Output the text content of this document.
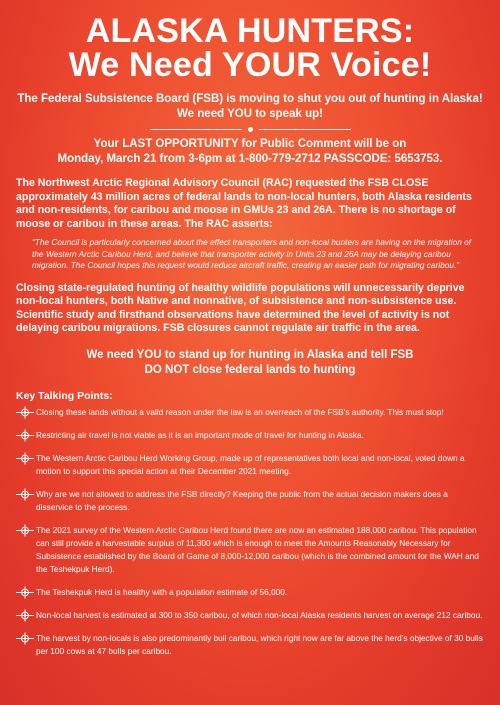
ALASKA HUNTERS:
We Need YOUR Voice!
The Federal Subsistence Board (FSB) is moving to shut you out of hunting in Alaska!
We need YOU to speak up!
Your LAST OPPORTUNITY for Public Comment will be on
Monday, March 21 from 3-6pm at 1-800-779-2712 PASSCODE: 5653753.
The Northwest Arctic Regional Advisory Council (RAC) requested the FSB CLOSE approximately 43 million acres of federal lands to non-local hunters, both Alaska residents and non-residents, for caribou and moose in GMUs 23 and 26A. There is no shortage of moose or caribou in these areas. The RAC asserts:
“The Council is particularly concerned about the effect transporters and non-local hunters are having on the migration of the Western Arctic Caribou Herd, and believe that transporter activity in Units 23 and 26A may be delaying caribou migration. The Council hopes this request would reduce aircraft traffic, creating an easier path for migrating caribou.”
Closing state-regulated hunting of healthy wildlife populations will unnecessarily deprive non-local hunters, both Native and nonnative, of subsistence and non-subsistence use. Scientific study and firsthand observations have determined the level of activity is not delaying caribou migrations. FSB closures cannot regulate air traffic in the area.
We need YOU to stand up for hunting in Alaska and tell FSB
DO NOT close federal lands to hunting
Key Talking Points:
Closing these lands without a valid reason under the law is an overreach of the FSB’s authority. This must stop!
Restricting air travel is not viable as it is an important mode of travel for hunting in Alaska.
The Western Arctic Caribou Herd Working Group, made up of representatives both local and non-local, voted down a motion to support this special action at their December 2021 meeting.
Why are we not allowed to address the FSB directly? Keeping the public from the actual decision makers does a disservice to the process.
The 2021 survey of the Western Arctic Caribou Herd found there are now an estimated 188,000 caribou. This population can still provide a harvestable surplus of 11,300 which is enough to meet the Amounts Reasonably Necessary for Subsistence established by the Board of Game of 8,000-12,000 caribou (which is the combined amount for the WAH and the Teshekpuk Herd).
The Teshekpuk Herd is healthy with a population estimate of 56,000.
Non-local harvest is estimated at 300 to 350 caribou, of which non-local Alaska residents harvest on average 212 caribou.
The harvest by non-locals is also predominantly bull caribou, which right now are far above the herd’s objective of 30 bulls per 100 cows at 47 bulls per caribou.
